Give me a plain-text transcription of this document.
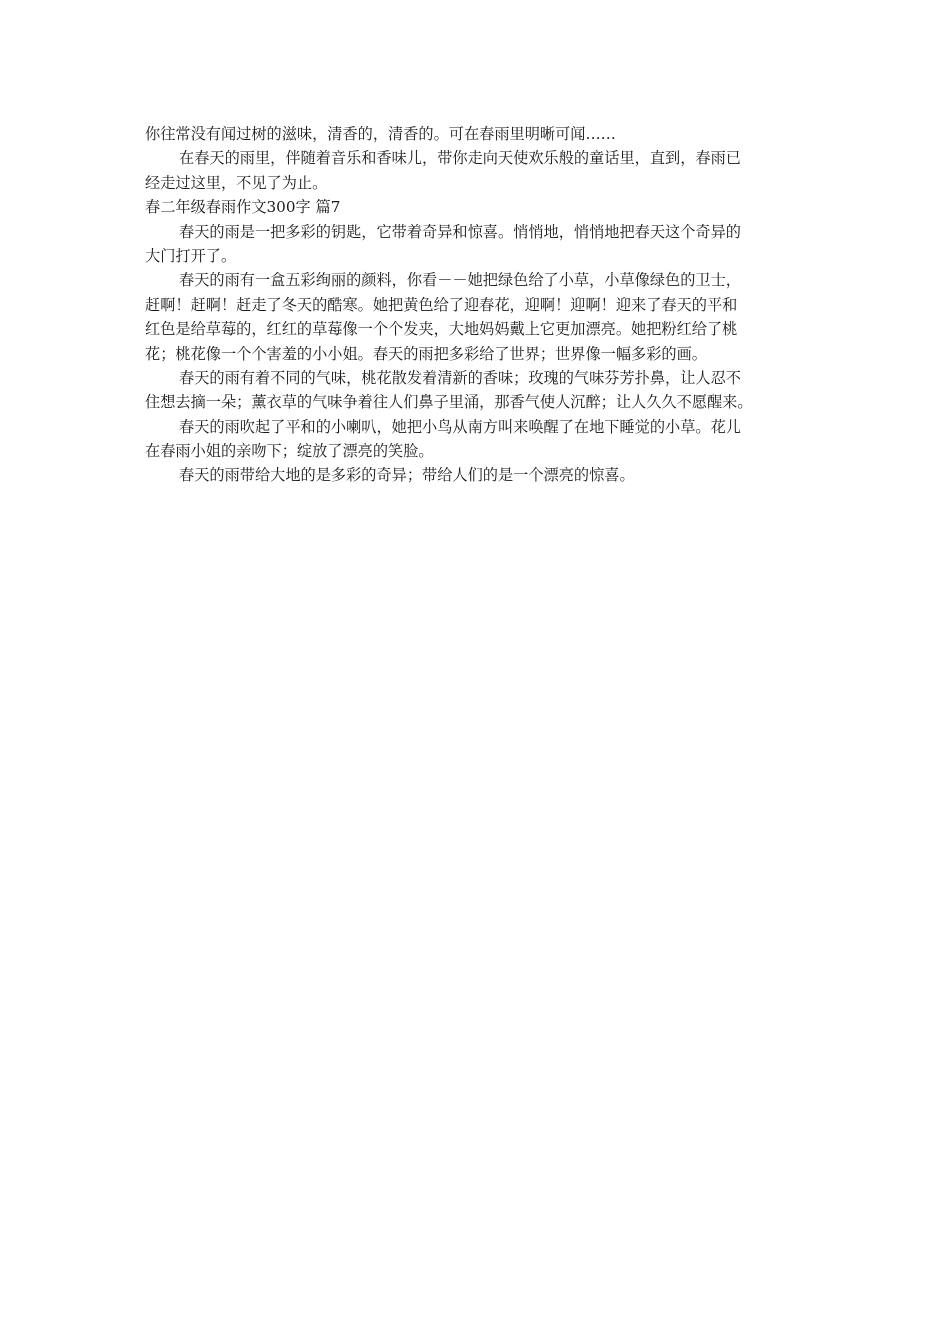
你往常没有闻过树的滋味，清香的，清香的。可在春雨里明晰可闻……

在春天的雨里，伴随着音乐和香味儿，带你走向天使欢乐般的童话里，直到，春雨已

经走过这里，不见了为止。

春二年级春雨作文300字 篇7

春天的雨是一把多彩的钥匙，它带着奇异和惊喜。悄悄地，悄悄地把春天这个奇异的

大门打开了。

春天的雨有一盒五彩绚丽的颜料，你看－－她把绿色给了小草，小草像绿色的卫士，

赶啊！赶啊！赶走了冬天的酷寒。她把黄色给了迎春花，迎啊！迎啊！迎来了春天的平和

红色是给草莓的，红红的草莓像一个个发夹，大地妈妈戴上它更加漂亮。她把粉红给了桃

花；桃花像一个个害羞的小小姐。春天的雨把多彩给了世界；世界像一幅多彩的画。

春天的雨有着不同的气味，桃花散发着清新的香味；玫瑰的气味芬芳扑鼻，让人忍不

住想去摘一朵；薰衣草的气味争着往人们鼻子里涌，那香气使人沉醉；让人久久不愿醒来。

春天的雨吹起了平和的小喇叭，她把小鸟从南方叫来唤醒了在地下睡觉的小草。花儿

在春雨小姐的亲吻下；绽放了漂亮的笑脸。

春天的雨带给大地的是多彩的奇异；带给人们的是一个漂亮的惊喜。
